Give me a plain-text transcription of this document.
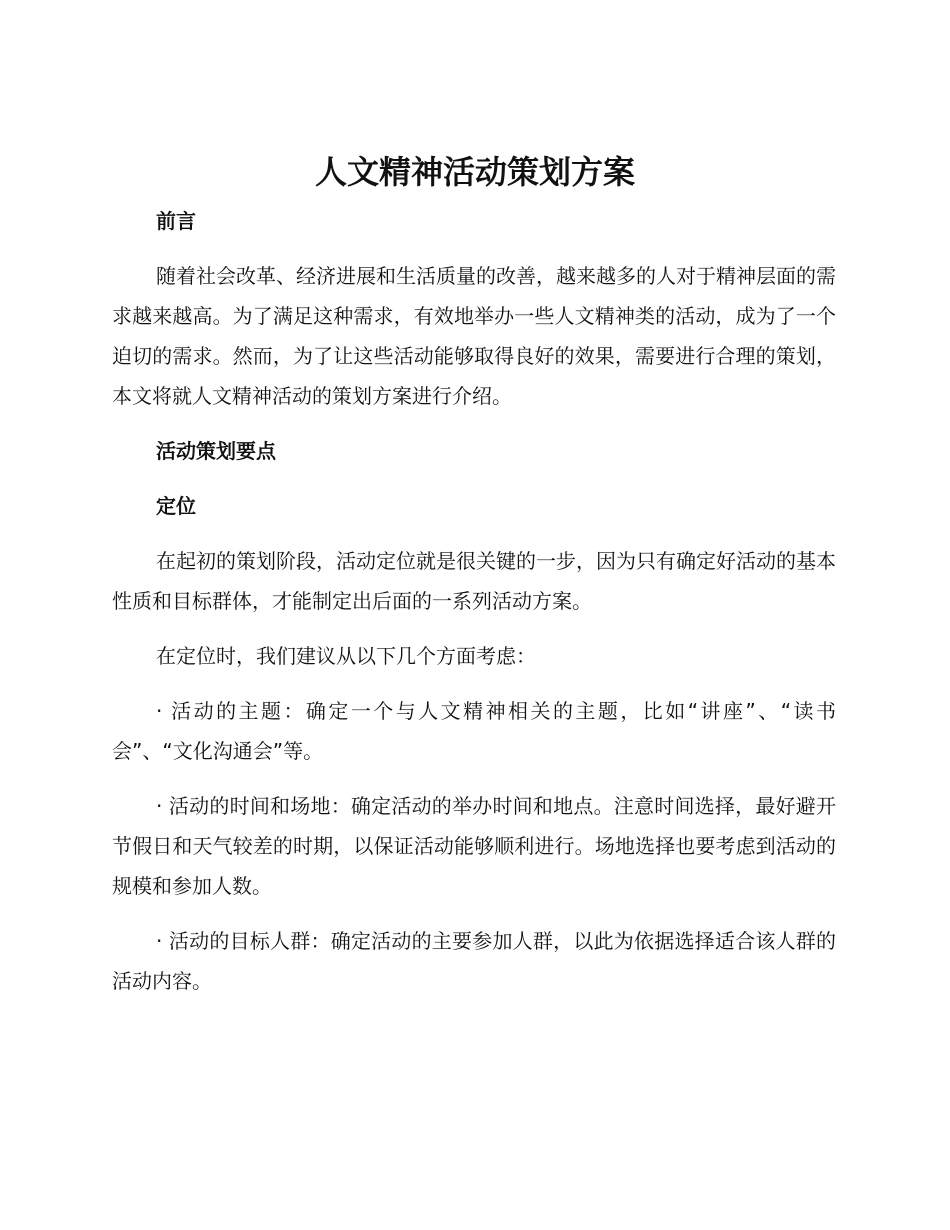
人文精神活动策划方案
前言
随着社会改革、经济进展和生活质量的改善，越来越多的人对于精神层面的需求越来越高。为了满足这种需求，有效地举办一些人文精神类的活动，成为了一个迫切的需求。然而，为了让这些活动能够取得良好的效果，需要进行合理的策划，本文将就人文精神活动的策划方案进行介绍。
活动策划要点
定位
在起初的策划阶段，活动定位就是很关键的一步，因为只有确定好活动的基本性质和目标群体，才能制定出后面的一系列活动方案。
在定位时，我们建议从以下几个方面考虑：
· 活动的主题：确定一个与人文精神相关的主题，比如“讲座”、“读书会”、“文化沟通会”等。
· 活动的时间和场地：确定活动的举办时间和地点。注意时间选择，最好避开节假日和天气较差的时期，以保证活动能够顺利进行。场地选择也要考虑到活动的规模和参加人数。
· 活动的目标人群：确定活动的主要参加人群，以此为依据选择适合该人群的活动内容。
